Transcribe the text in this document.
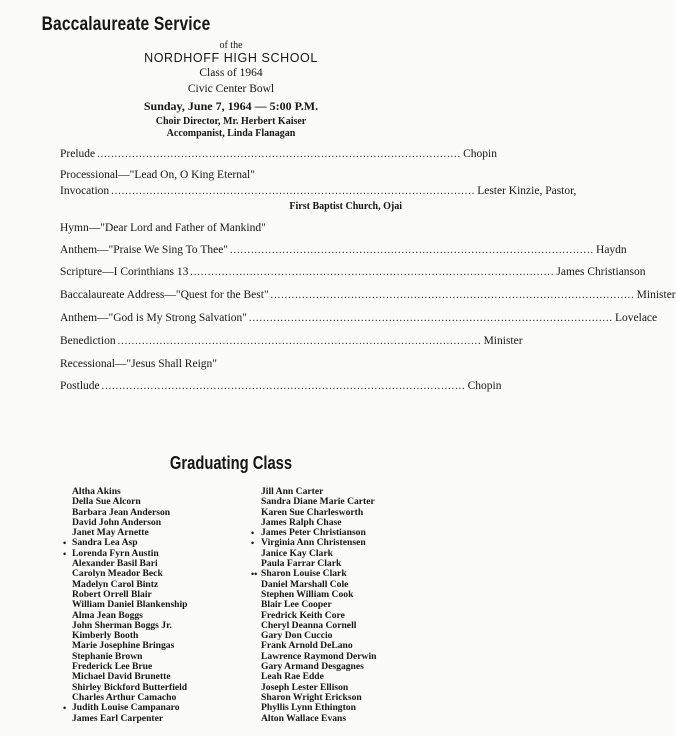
Baccalaureate Service
of the
NORDHOFF HIGH SCHOOL
Class of 1964
Civic Center Bowl
Sunday, June 7, 1964 — 5:00 P.M.
Choir Director, Mr. Herbert Kaiser
Accompanist, Linda Flanagan
Prelude ........................................................................................................ Chopin
Processional—"Lead On, O King Eternal"
Invocation ........................................................................................................ Lester Kinzie, Pastor,
First Baptist Church, Ojai
Hymn—"Dear Lord and Father of Mankind"
Anthem—"Praise We Sing To Thee" ........................................................................................................ Haydn
Scripture—I Corinthians 13 ........................................................................................................ James Christianson
Baccalaureate Address—"Quest for the Best" ........................................................................................................ Minister
Anthem—"God is My Strong Salvation" ........................................................................................................ Lovelace
Benediction ........................................................................................................ Minister
Recessional—"Jesus Shall Reign"
Postlude ........................................................................................................ Chopin
Graduating Class
Altha Akins
Della Sue Alcorn
Barbara Jean Anderson
David John Anderson
Janet May Arnette
• Sandra Lea Asp
• Lorenda Fyrn Austin
Alexander Basil Bari
Carolyn Meador Beck
Madelyn Carol Bintz
Robert Orrell Blair
William Daniel Blankenship
Alma Jean Boggs
John Sherman Boggs Jr.
Kimberly Booth
Marie Josephine Bringas
Stephanie Brown
Frederick Lee Brue
Michael David Brunette
Shirley Bickford Butterfield
Charles Arthur Camacho
• Judith Louise Campanaro
James Earl Carpenter
Jill Ann Carter
Sandra Diane Marie Carter
Karen Sue Charlesworth
James Ralph Chase
• James Peter Christianson
• Virginia Ann Christensen
Janice Kay Clark
Paula Farrar Clark
•• Sharon Louise Clark
Daniel Marshall Cole
Stephen William Cook
Blair Lee Cooper
Fredrick Keith Core
Cheryl Deanna Cornell
Gary Don Cuccio
Frank Arnold DeLano
Lawrence Raymond Derwin
Gary Armand Desgagnes
Leah Rae Edde
Joseph Lester Ellison
Sharon Wright Erickson
Phyllis Lynn Ethington
Alton Wallace Evans
